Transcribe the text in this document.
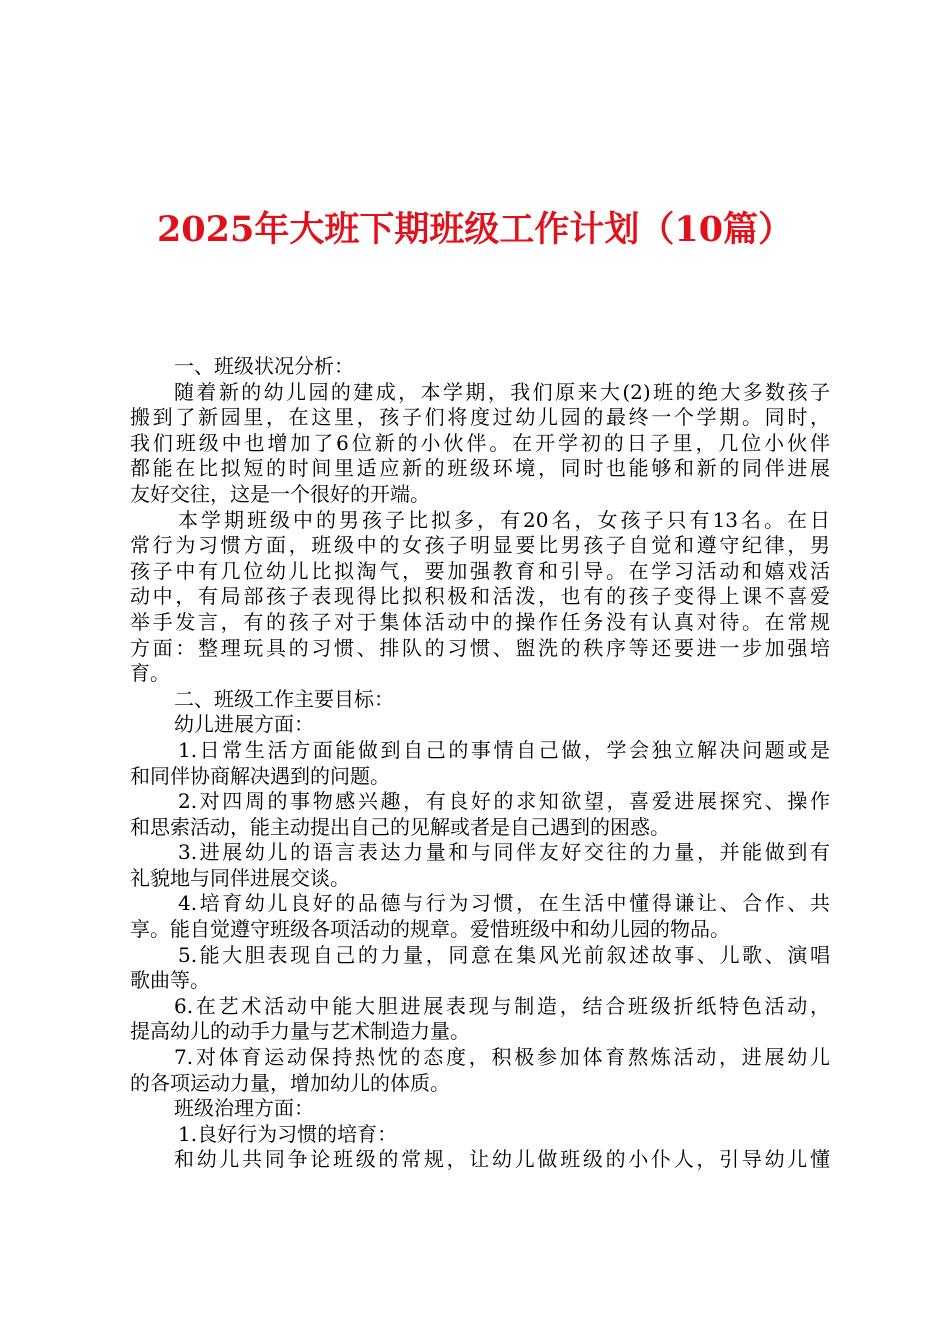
2025年大班下期班级工作计划（10篇）
一、班级状况分析：
随着新的幼儿园的建成，本学期，我们原来大(2)班的绝大多数孩子
搬到了新园里，在这里，孩子们将度过幼儿园的最终一个学期。同时，
我们班级中也增加了6位新的小伙伴。在开学初的日子里，几位小伙伴
都能在比拟短的时间里适应新的班级环境，同时也能够和新的同伴进展
友好交往，这是一个很好的开端。
本学期班级中的男孩子比拟多，有20名，女孩子只有13名。在日
常行为习惯方面，班级中的女孩子明显要比男孩子自觉和遵守纪律，男
孩子中有几位幼儿比拟淘气，要加强教育和引导。在学习活动和嬉戏活
动中，有局部孩子表现得比拟积极和活泼，也有的孩子变得上课不喜爱
举手发言，有的孩子对于集体活动中的操作任务没有认真对待。在常规
方面：整理玩具的习惯、排队的习惯、盥洗的秩序等还要进一步加强培
育。
二、班级工作主要目标：
幼儿进展方面：
1.日常生活方面能做到自己的事情自己做，学会独立解决问题或是
和同伴协商解决遇到的问题。
2.对四周的事物感兴趣，有良好的求知欲望，喜爱进展探究、操作
和思索活动，能主动提出自己的见解或者是自己遇到的困惑。
3.进展幼儿的语言表达力量和与同伴友好交往的力量，并能做到有
礼貌地与同伴进展交谈。
4.培育幼儿良好的品德与行为习惯，在生活中懂得谦让、合作、共
享。能自觉遵守班级各项活动的规章。爱惜班级中和幼儿园的物品。
5.能大胆表现自己的力量，同意在集风光前叙述故事、儿歌、演唱
歌曲等。
6.在艺术活动中能大胆进展表现与制造，结合班级折纸特色活动，
提高幼儿的动手力量与艺术制造力量。
7.对体育运动保持热忱的态度，积极参加体育熬炼活动，进展幼儿
的各项运动力量，增加幼儿的体质。
班级治理方面：
1.良好行为习惯的培育：
和幼儿共同争论班级的常规，让幼儿做班级的小仆人，引导幼儿懂
